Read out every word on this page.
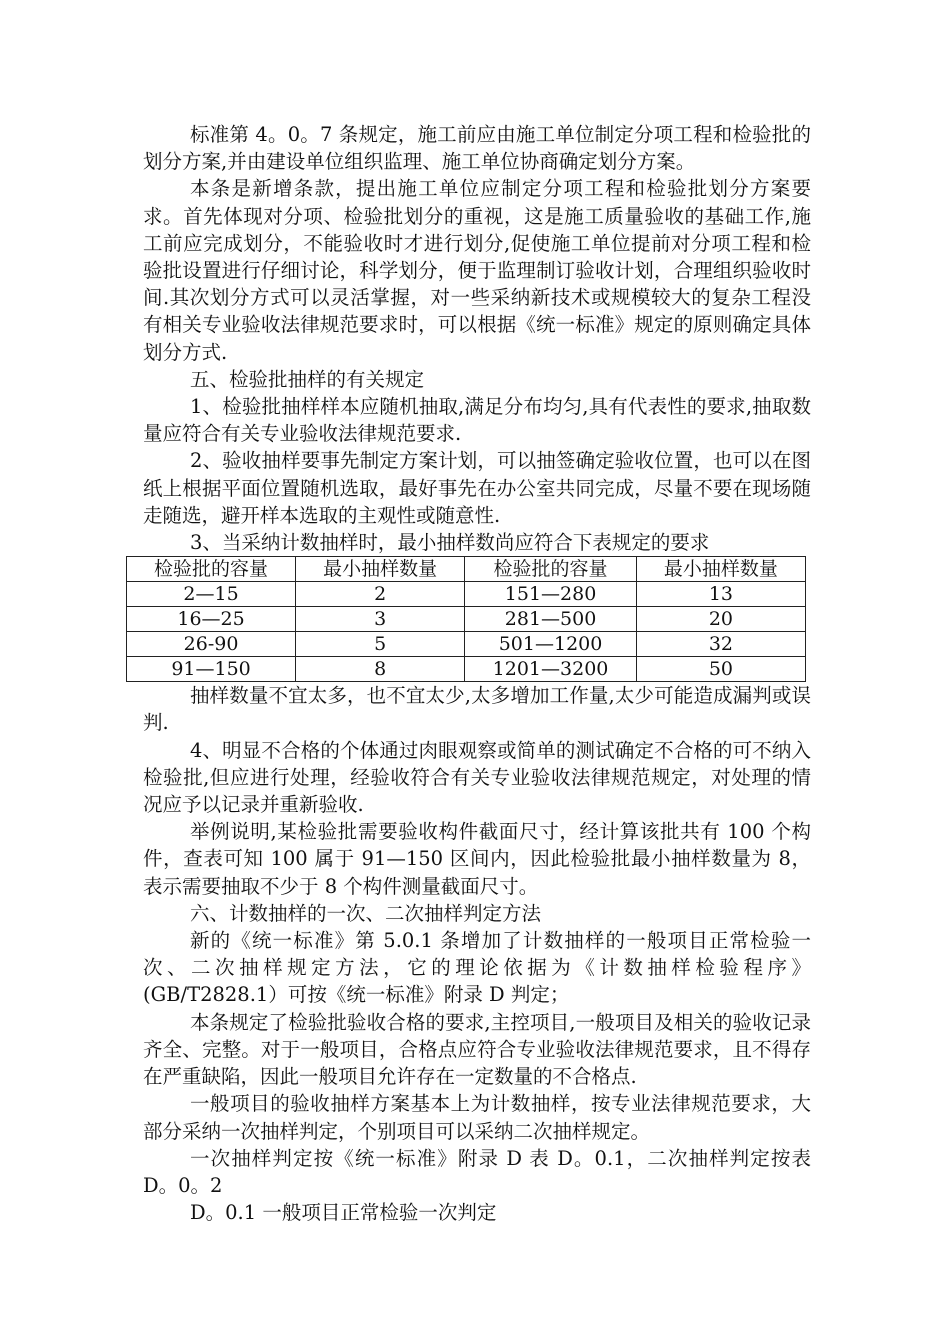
标准第 4。0。7 条规定，施工前应由施工单位制定分项工程和检验批的划分方案,并由建设单位组织监理、施工单位协商确定划分方案。

本条是新增条款，提出施工单位应制定分项工程和检验批划分方案要求。首先体现对分项、检验批划分的重视，这是施工质量验收的基础工作,施工前应完成划分，不能验收时才进行划分,促使施工单位提前对分项工程和检验批设置进行仔细讨论，科学划分，便于监理制订验收计划，合理组织验收时间.其次划分方式可以灵活掌握，对一些采纳新技术或规模较大的复杂工程没有相关专业验收法律规范要求时，可以根据《统一标准》规定的原则确定具体划分方式.

五、检验批抽样的有关规定

1、检验批抽样样本应随机抽取,满足分布均匀,具有代表性的要求,抽取数量应符合有关专业验收法律规范要求.

2、验收抽样要事先制定方案计划，可以抽签确定验收位置，也可以在图纸上根据平面位置随机选取，最好事先在办公室共同完成，尽量不要在现场随走随选，避开样本选取的主观性或随意性.

3、当采纳计数抽样时，最小抽样数尚应符合下表规定的要求

检验批的容量	最小抽样数量	检验批的容量	最小抽样数量
2—15	2	151—280	13
16—25	3	281—500	20
26-90	5	501—1200	32
91—150	8	1201—3200	50

抽样数量不宜太多，也不宜太少,太多增加工作量,太少可能造成漏判或误判.

4、明显不合格的个体通过肉眼观察或简单的测试确定不合格的可不纳入检验批,但应进行处理，经验收符合有关专业验收法律规范规定，对处理的情况应予以记录并重新验收.

举例说明,某检验批需要验收构件截面尺寸，经计算该批共有 100 个构件，查表可知 100 属于 91—150 区间内，因此检验批最小抽样数量为 8，表示需要抽取不少于 8 个构件测量截面尺寸。

六、计数抽样的一次、二次抽样判定方法

新的《统一标准》第 5.0.1 条增加了计数抽样的一般项目正常检验一次、二次抽样规定方法，它的理论依据为《计数抽样检验程序》(GB/T2828.1）可按《统一标准》附录 D 判定；

本条规定了检验批验收合格的要求,主控项目,一般项目及相关的验收记录齐全、完整。对于一般项目，合格点应符合专业验收法律规范要求，且不得存在严重缺陷，因此一般项目允许存在一定数量的不合格点.

一般项目的验收抽样方案基本上为计数抽样，按专业法律规范要求，大部分采纳一次抽样判定，个别项目可以采纳二次抽样规定。

一次抽样判定按《统一标准》附录 D 表 D。0.1，二次抽样判定按表 D。0。2

D。0.1 一般项目正常检验一次判定
